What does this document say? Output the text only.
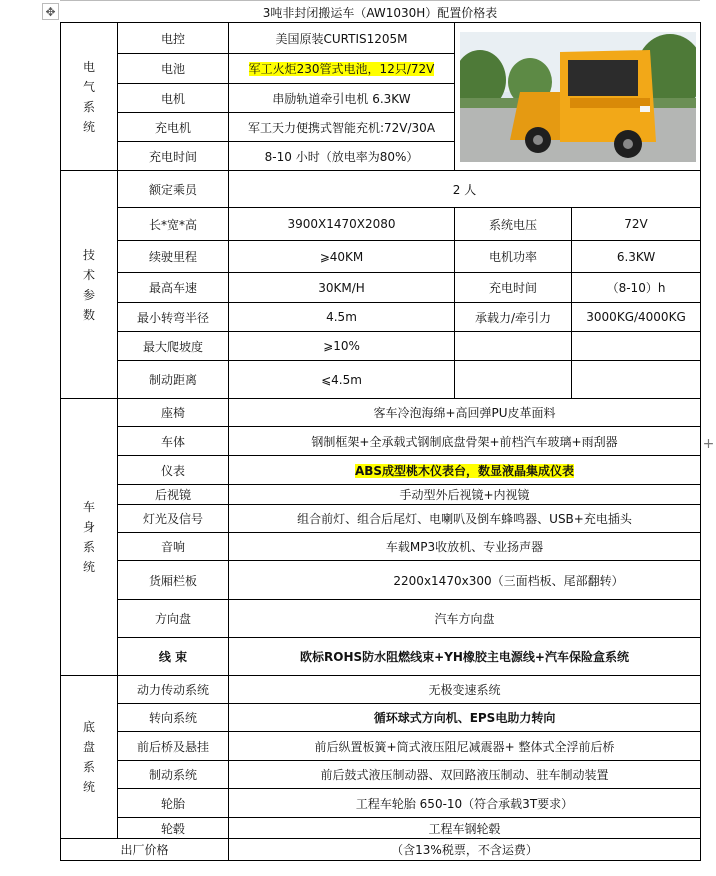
✥
+
3吨非封闭搬运车（AW1030H）配置价格表
电
气
系
统	电控	美国原装CURTIS1205M	

	电池	军工火炬230管式电池，12只/72V		
	电机	串励轨道牵引电机 6.3KW		
	充电机	军工天力便携式智能充机:72V/30A		
	充电时间	8-10 小时（放电率为80%）		

技
术
参
数	额定乘员	2 人		
	长*宽*高	3900X1470X2080	系统电压	72V
	续驶里程	⩾40KM	电机功率	6.3KW
	最高车速	30KM/H	充电时间	（8-10）h
	最小转弯半径	4.5m	承载力/牵引力	3000KG/4000KG
	最大爬坡度	⩾10%		
	制动距离	⩽4.5m		

车
身
系
统	座椅	客车冷泡海绵+高回弹PU皮革面料		
	车体	钢制框架+全承载式钢制底盘骨架+前档汽车玻璃+雨刮器		
	仪表	ABS成型桃木仪表台，数显液晶集成仪表		
	后视镜	手动型外后视镜+内视镜		
	灯光及信号	组合前灯、组合后尾灯、电喇叭及倒车蜂鸣器、USB+充电插头		
	音响	车载MP3收放机、专业扬声器		
	货厢栏板	2200x1470x300（三面档板、尾部翻转）		
	方向盘	汽车方向盘		
	线 束	欧标ROHS防水阻燃线束+YH橡胶主电源线+汽车保险盒系统		

底
盘
系
统	动力传动系统	无极变速系统		
	转向系统	循环球式方向机、EPS电助力转向		
	前后桥及悬挂	前后纵置板簧+筒式液压阻尼减震器+ 整体式全浮前后桥		
	制动系统	前后鼓式液压制动器、双回路液压制动、驻车制动装置		
	轮胎	工程车轮胎 650-10（符合承载3T要求）		
	轮毂	工程车钢轮毂		
出厂价格		（含13%税票，不含运费）		
